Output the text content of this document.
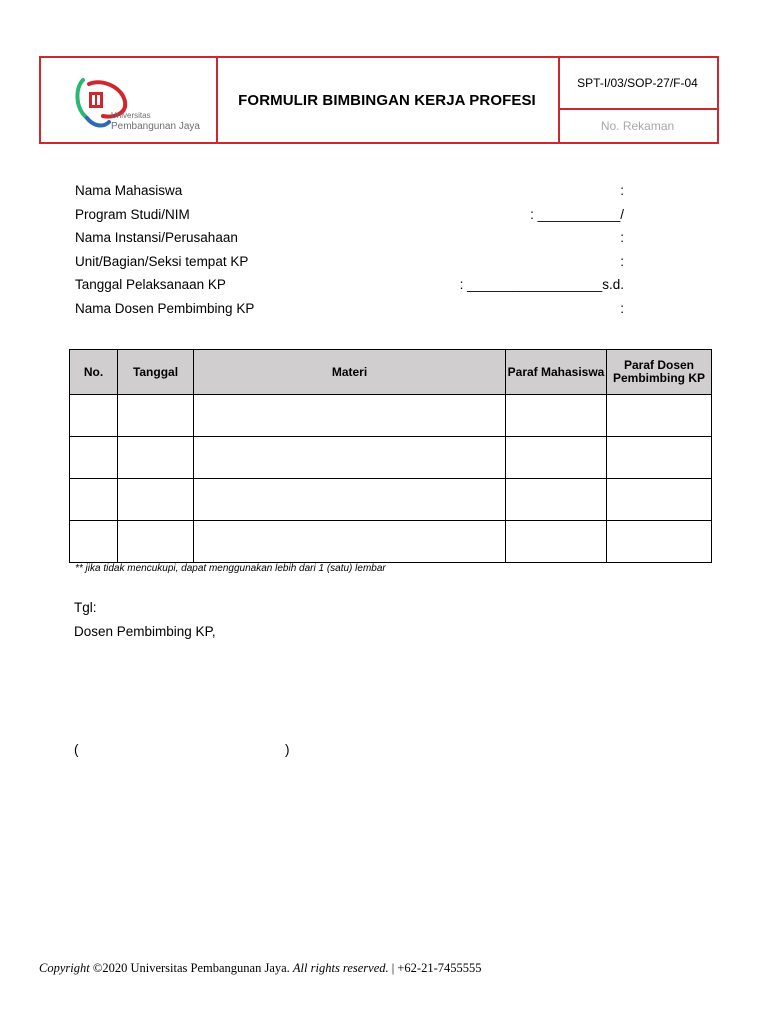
Universitas
Pembangunan Jaya
FORMULIR BIMBINGAN KERJA PROFESI
SPT-I/03/SOP-27/F-04
No. Rekaman
Nama Mahasiswa	:
Program Studi/NIM	: ___________/
Nama Instansi/Perusahaan	:
Unit/Bagian/Seksi tempat KP	:
Tanggal Pelaksanaan KP	: __________________s.d.
Nama Dosen Pembimbing KP	:
No.	Tanggal	Materi	Paraf Mahasiswa	Paraf Dosen Pembimbing KP

** jika tidak mencukupi, dapat menggunakan lebih dari 1 (satu) lembar
Tgl:
Dosen Pembimbing KP,
(	)
Copyright ©2020 Universitas Pembangunan Jaya. All rights reserved. | +62-21-7455555
